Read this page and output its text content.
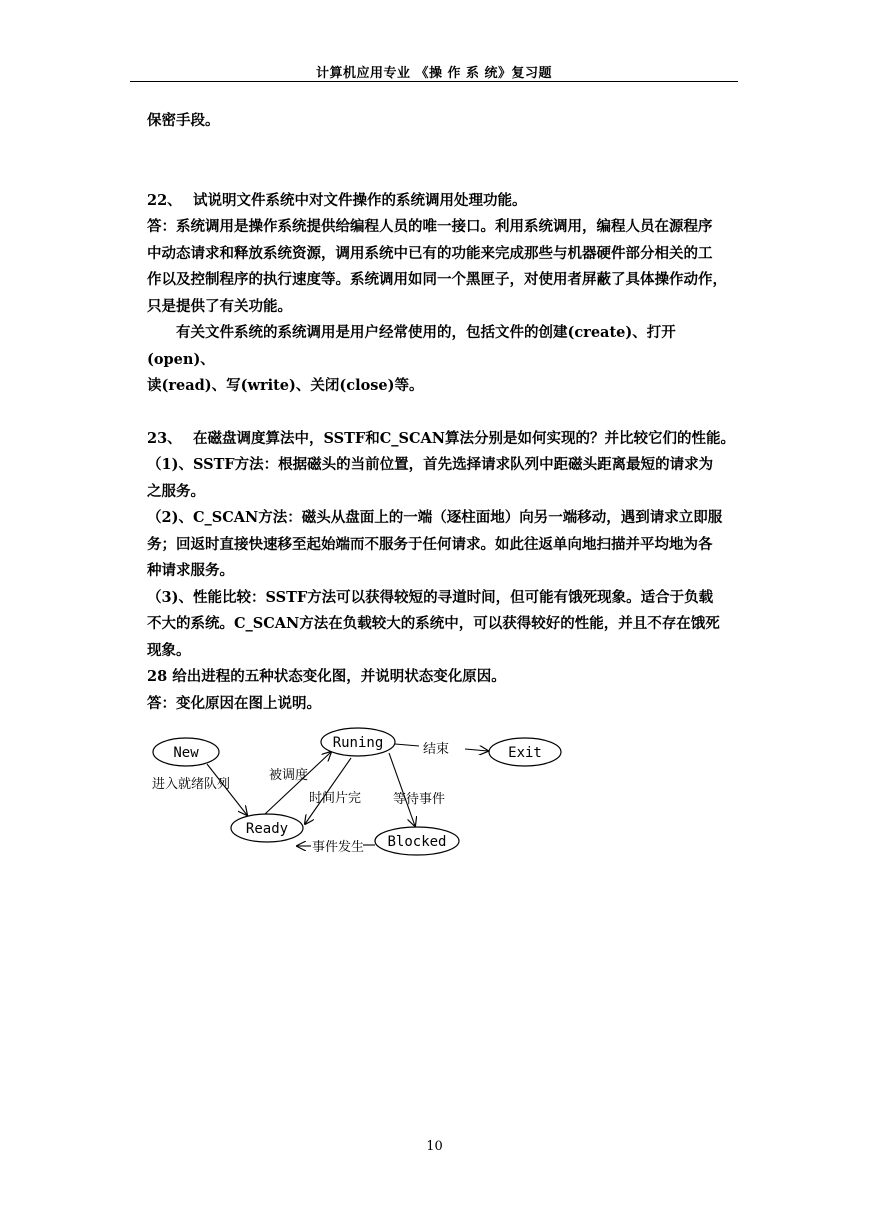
计算机应用专业 《操 作 系 统》复习题

保密手段。

22、 试说明文件系统中对文件操作的系统调用处理功能。

答：系统调用是操作系统提供给编程人员的唯一接口。利用系统调用，编程人员在源程序

中动态请求和释放系统资源，调用系统中已有的功能来完成那些与机器硬件部分相关的工

作以及控制程序的执行速度等。系统调用如同一个黑匣子，对使用者屏蔽了具体操作动作，

只是提供了有关功能。

有关文件系统的系统调用是用户经常使用的，包括文件的创建(create)、打开(open)、

读(read)、写(write)、关闭(close)等。

23、 在磁盘调度算法中，SSTF和C_SCAN算法分别是如何实现的？并比较它们的性能。

（1)、SSTF方法：根据磁头的当前位置，首先选择请求队列中距磁头距离最短的请求为

之服务。

（2)、C_SCAN方法：磁头从盘面上的一端（逐柱面地）向另一端移动，遇到请求立即服

务；回返时直接快速移至起始端而不服务于任何请求。如此往返单向地扫描并平均地为各

种请求服务。

（3)、性能比较：SSTF方法可以获得较短的寻道时间，但可能有饿死现象。适合于负载

不大的系统。C_SCAN方法在负载较大的系统中，可以获得较好的性能，并且不存在饿死

现象。

28 给出进程的五种状态变化图，并说明状态变化原因。

答：变化原因在图上说明。

New
Runing
Exit
Ready
Blocked
进入就绪队列
被调度
时间片完
结束
等待事件
事件发生
10
